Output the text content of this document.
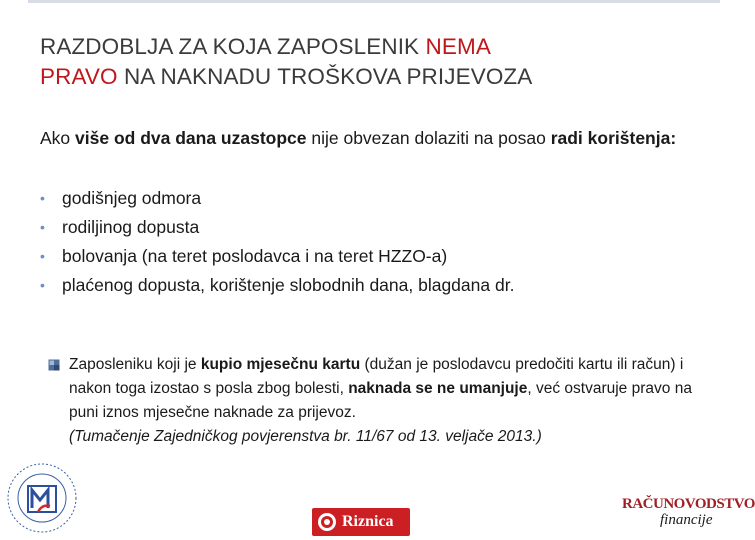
RAZDOBLJA ZA KOJA ZAPOSLENIK NEMA
PRAVO NA NAKNADU TROŠKOVA PRIJEVOZA
Ako više od dva dana uzastopce nije obvezan dolaziti na posao radi korištenja:
• godišnjeg odmora
• rodiljinog dopusta
• bolovanja (na teret poslodavca i na teret HZZO-a)
• plaćenog dopusta, korištenje slobodnih dana, blagdana dr.
Zaposleniku koji je kupio mjesečnu kartu (dužan je poslodavcu predočiti kartu ili račun) i nakon toga izostao s posla zbog bolesti, naknada se ne umanjuje, već ostvaruje pravo na puni iznos mjesečne naknade za prijevoz.
(Tumačenje Zajedničkog povjerenstva br. 11/67 od 13. veljače 2013.)
Riznica
RAČUNOVODSTVO
financije
